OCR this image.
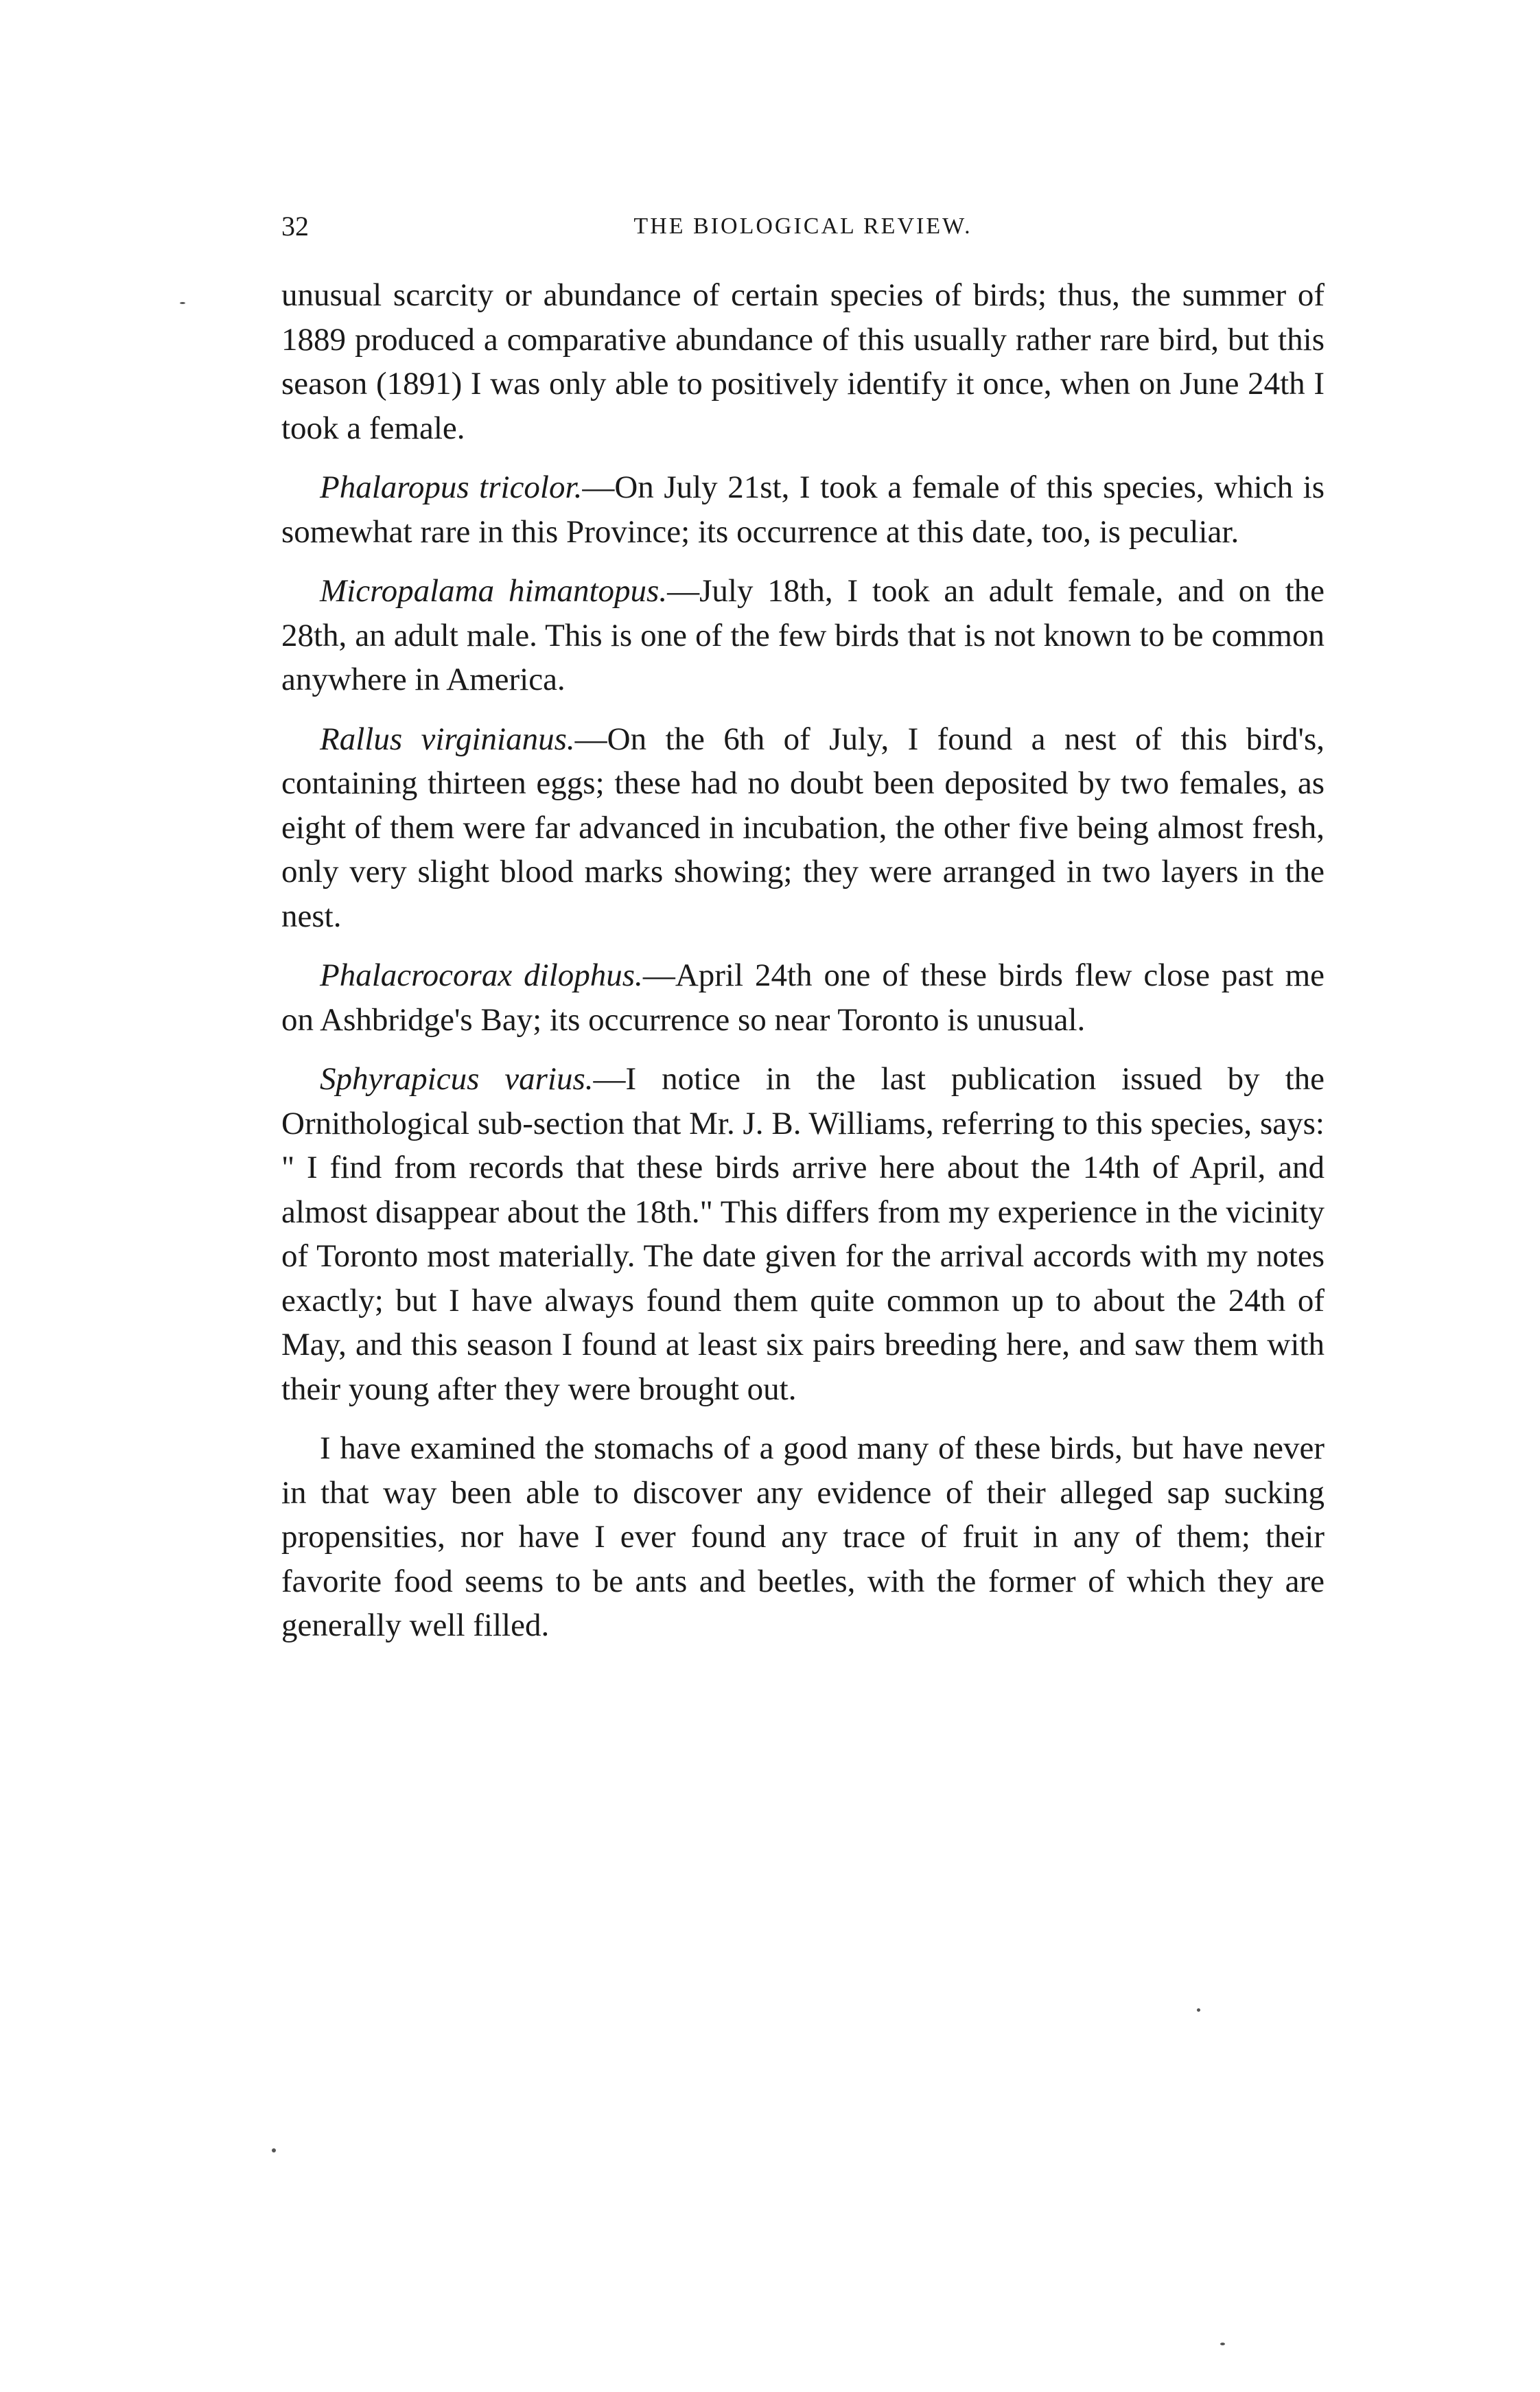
32	THE BIOLOGICAL REVIEW.

unusual scarcity or abundance of certain species of birds; thus, the summer of 1889 produced a comparative abundance of this usually rather rare bird, but this season (1891) I was only able to positively identify it once, when on June 24th I took a female.

Phalaropus tricolor.—On July 21st, I took a female of this species, which is somewhat rare in this Province; its occurrence at this date, too, is peculiar.

Micropalama himantopus.—July 18th, I took an adult female, and on the 28th, an adult male. This is one of the few birds that is not known to be common anywhere in America.

Rallus virginianus.—On the 6th of July, I found a nest of this bird's, containing thirteen eggs; these had no doubt been deposited by two females, as eight of them were far advanced in incubation, the other five being almost fresh, only very slight blood marks showing; they were arranged in two layers in the nest.

Phalacrocorax dilophus.—April 24th one of these birds flew close past me on Ashbridge's Bay; its occurrence so near Toronto is unusual.

Sphyrapicus varius.—I notice in the last publication issued by the Ornithological sub-section that Mr. J. B. Williams, referring to this species, says: " I find from records that these birds arrive here about the 14th of April, and almost disappear about the 18th." This differs from my experience in the vicinity of Toronto most materially. The date given for the arrival accords with my notes exactly; but I have always found them quite common up to about the 24th of May, and this season I found at least six pairs breeding here, and saw them with their young after they were brought out.

I have examined the stomachs of a good many of these birds, but have never in that way been able to discover any evidence of their alleged sap sucking propensities, nor have I ever found any trace of fruit in any of them; their favorite food seems to be ants and beetles, with the former of which they are generally well filled.
